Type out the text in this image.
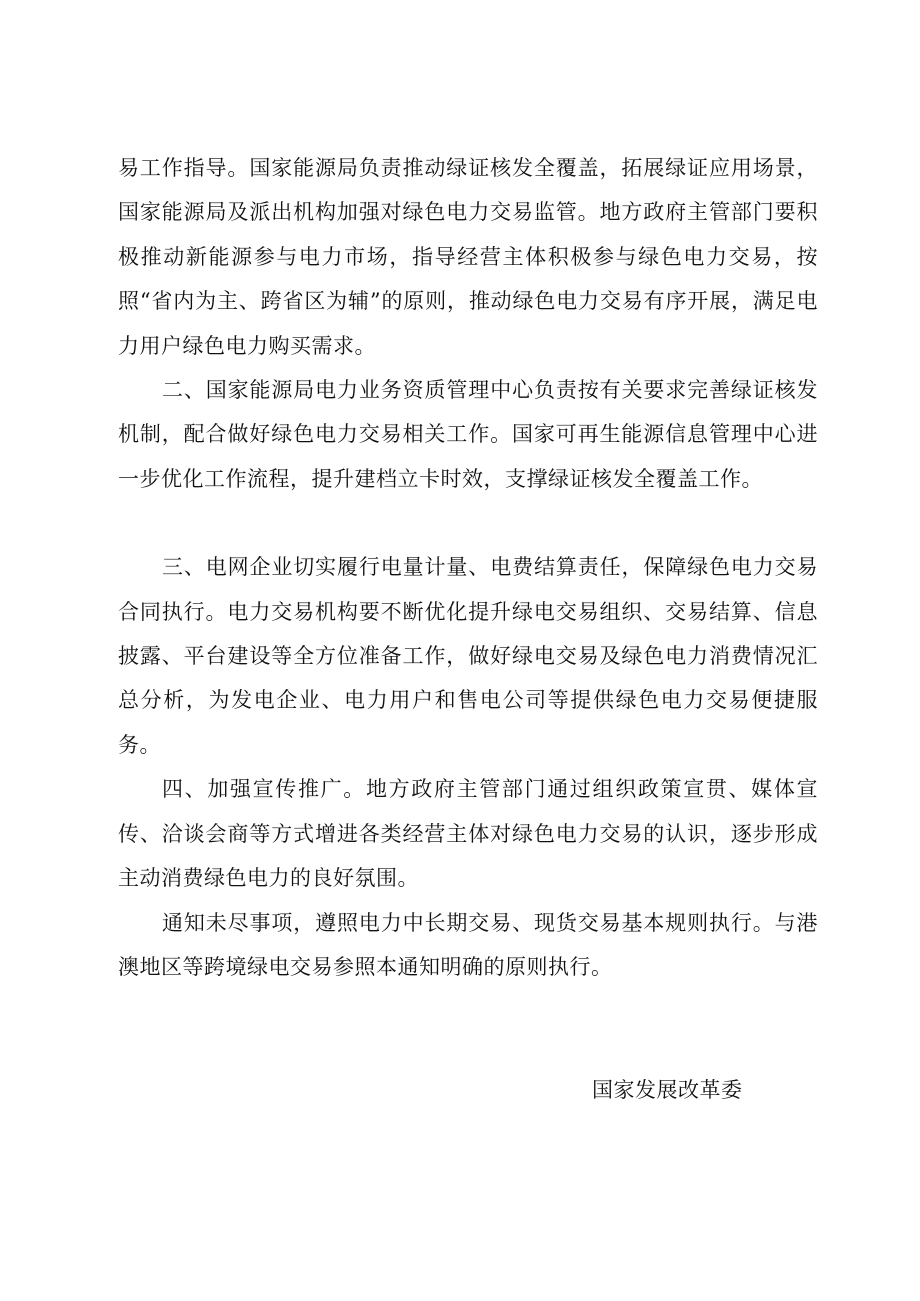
易工作指导。国家能源局负责推动绿证核发全覆盖，拓展绿证应用场景，国家能源局及派出机构加强对绿色电力交易监管。地方政府主管部门要积极推动新能源参与电力市场，指导经营主体积极参与绿色电力交易，按照“省内为主、跨省区为辅”的原则，推动绿色电力交易有序开展，满足电力用户绿色电力购买需求。

二、国家能源局电力业务资质管理中心负责按有关要求完善绿证核发机制，配合做好绿色电力交易相关工作。国家可再生能源信息管理中心进一步优化工作流程，提升建档立卡时效，支撑绿证核发全覆盖工作。

三、电网企业切实履行电量计量、电费结算责任，保障绿色电力交易合同执行。电力交易机构要不断优化提升绿电交易组织、交易结算、信息披露、平台建设等全方位准备工作，做好绿电交易及绿色电力消费情况汇总分析，为发电企业、电力用户和售电公司等提供绿色电力交易便捷服务。

四、加强宣传推广。地方政府主管部门通过组织政策宣贯、媒体宣传、洽谈会商等方式增进各类经营主体对绿色电力交易的认识，逐步形成主动消费绿色电力的良好氛围。

通知未尽事项，遵照电力中长期交易、现货交易基本规则执行。与港澳地区等跨境绿电交易参照本通知明确的原则执行。

国家发展改革委
